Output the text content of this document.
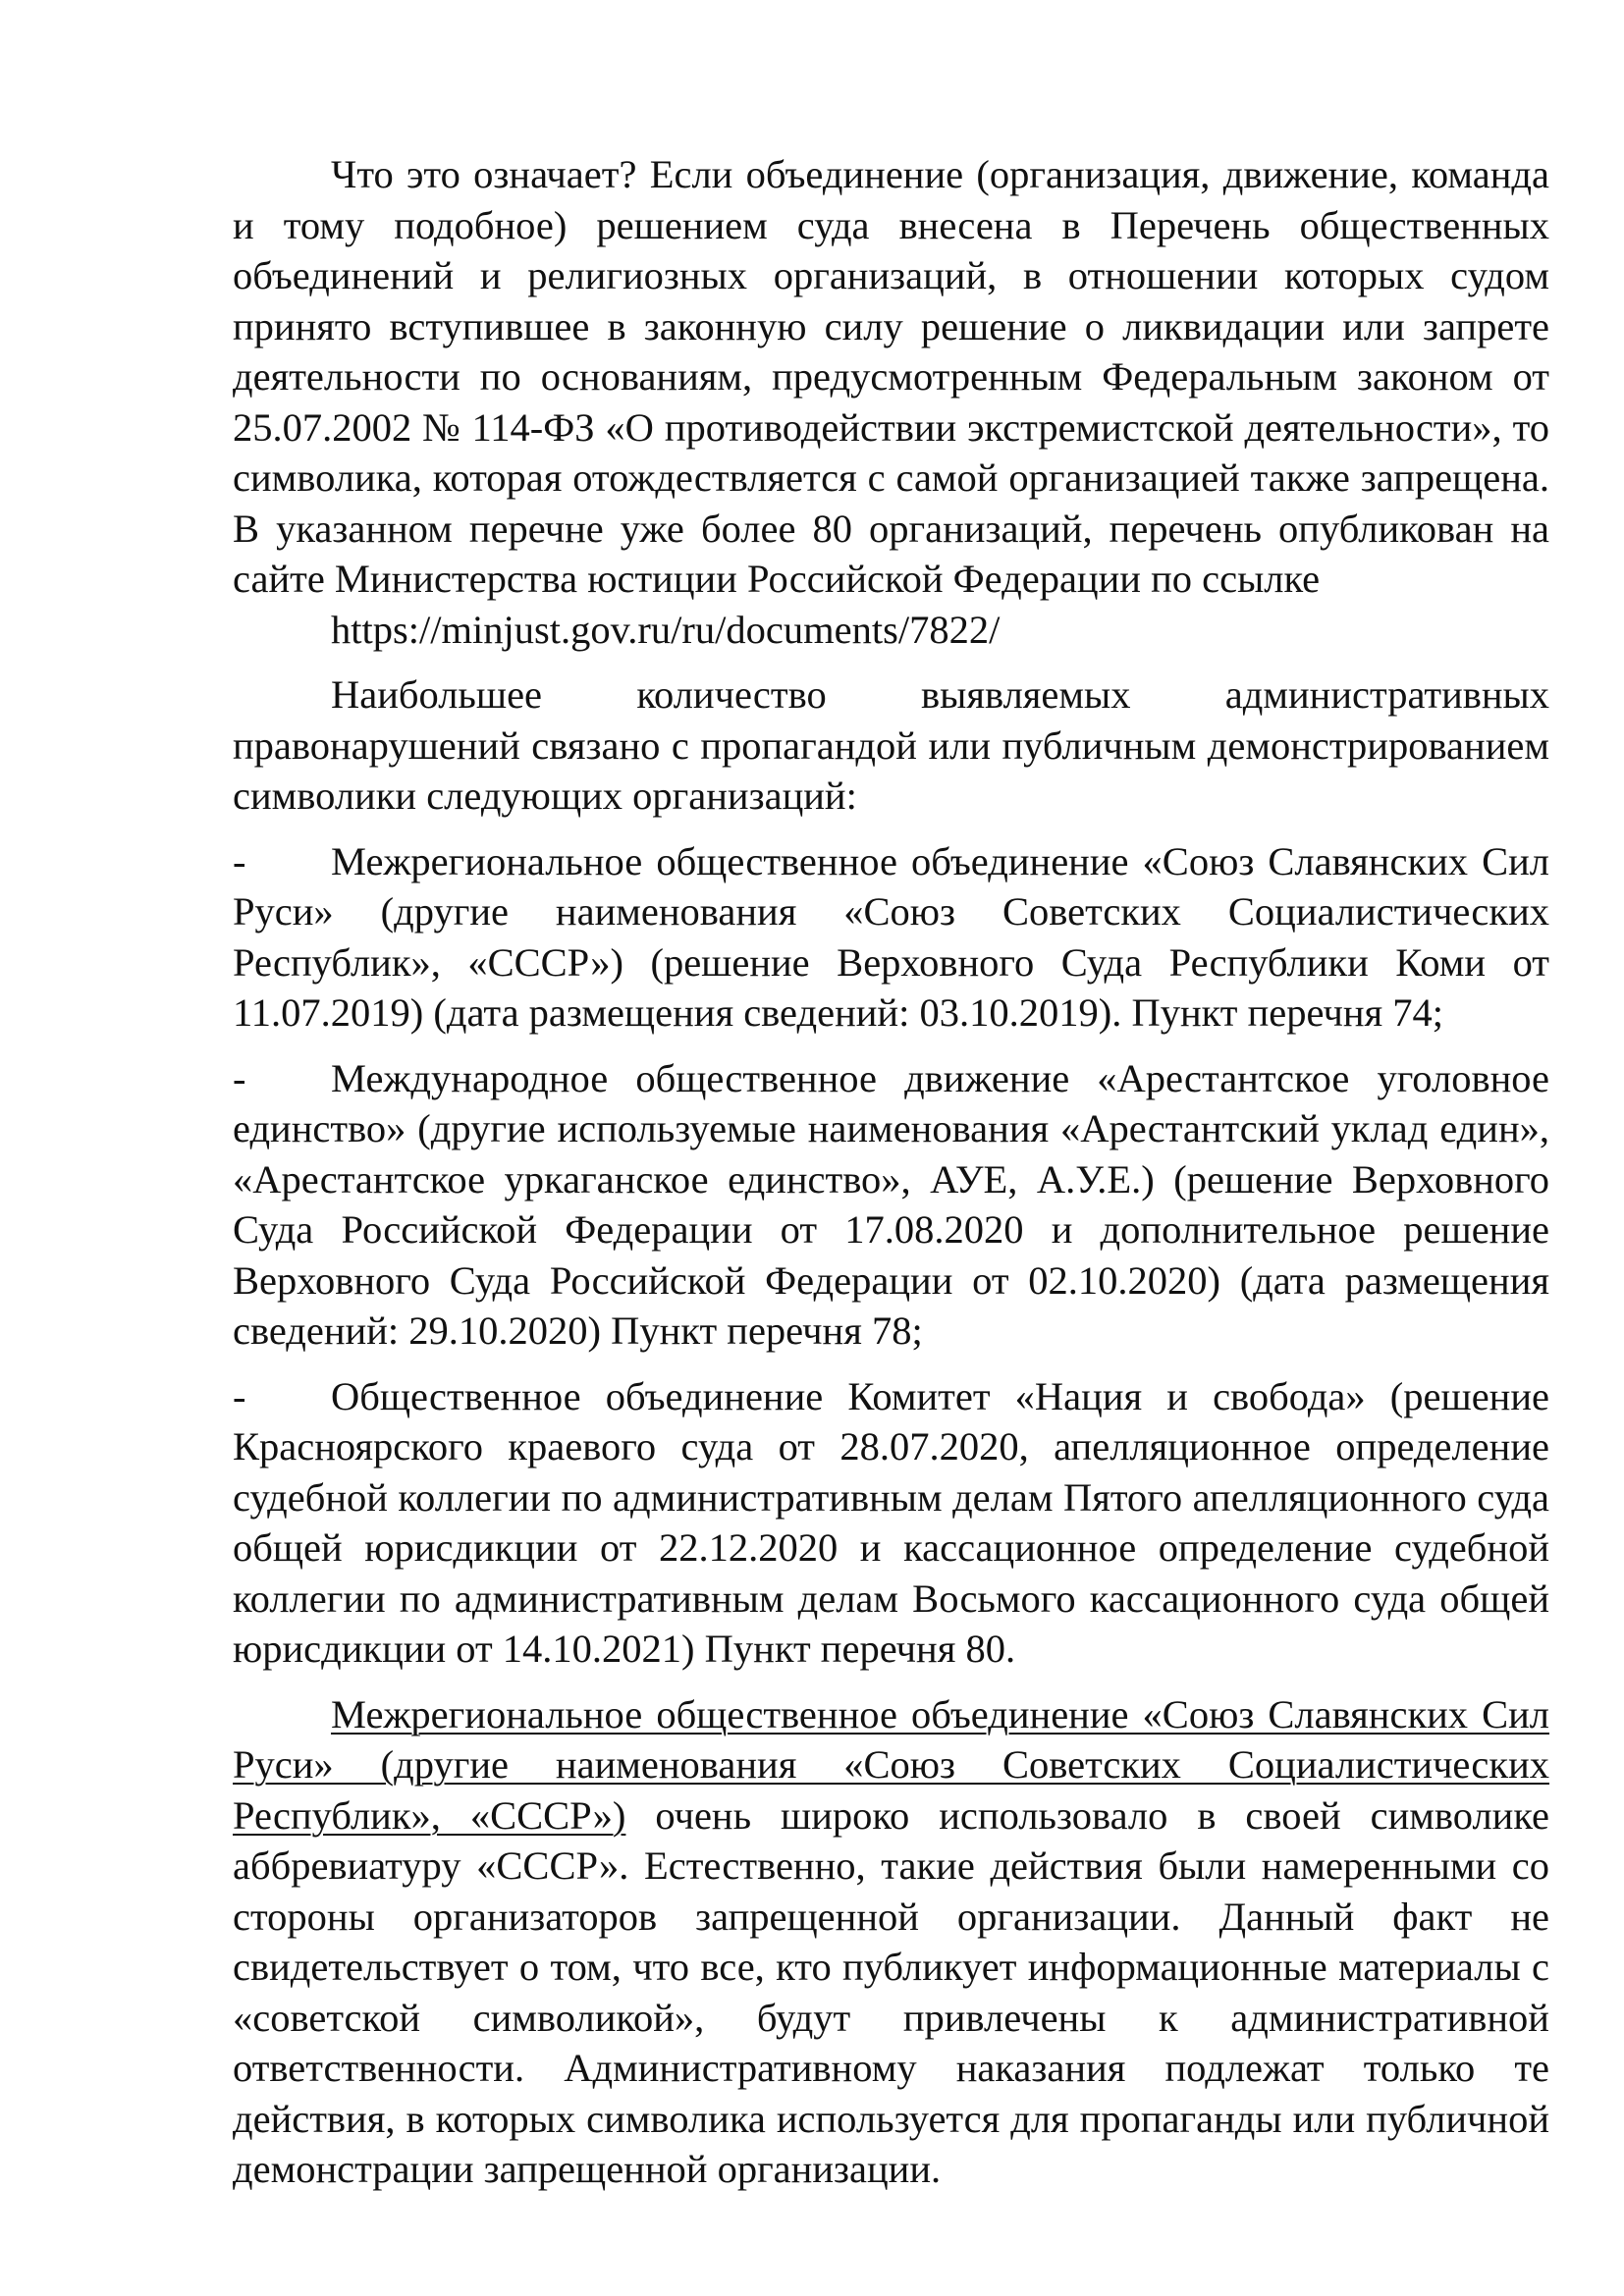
Что это означает? Если объединение (организация, движение, команда и тому подобное) решением суда внесена в Перечень общественных объединений и религиозных организаций, в отношении которых судом принято вступившее в законную силу решение о ликвидации или запрете деятельности по основаниям, предусмотренным Федеральным законом от 25.07.2002 № 114-ФЗ «О противодействии экстремистской деятельности», то символика, которая отождествляется с самой организацией также запрещена. В указанном перечне уже более 80 организаций, перечень опубликован на сайте Министерства юстиции Российской Федерации по ссылке
https://minjust.gov.ru/ru/documents/7822/

Наибольшее количество выявляемых административных правонарушений связано с пропагандой или публичным демонстрированием символики следующих организаций:

- Межрегиональное общественное объединение «Союз Славянских Сил Руси» (другие наименования «Союз Советских Социалистических Республик», «СССР») (решение Верховного Суда Республики Коми от 11.07.2019) (дата размещения сведений: 03.10.2019). Пункт перечня 74;

- Международное общественное движение «Арестантское уголовное единство» (другие используемые наименования «Арестантский уклад един», «Арестантское уркаганское единство», АУЕ, А.У.Е.) (решение Верховного Суда Российской Федерации от 17.08.2020 и дополнительное решение Верховного Суда Российской Федерации от 02.10.2020) (дата размещения сведений: 29.10.2020) Пункт перечня 78;

- Общественное объединение Комитет «Нация и свобода» (решение Красноярского краевого суда от 28.07.2020, апелляционное определение судебной коллегии по административным делам Пятого апелляционного суда общей юрисдикции от 22.12.2020 и кассационное определение судебной коллегии по административным делам Восьмого кассационного суда общей юрисдикции от 14.10.2021) Пункт перечня 80.

Межрегиональное общественное объединение «Союз Славянских Сил Руси» (другие наименования «Союз Советских Социалистических Республик», «СССР») очень широко использовало в своей символике аббревиатуру «СССР». Естественно, такие действия были намеренными со стороны организаторов запрещенной организации. Данный факт не свидетельствует о том, что все, кто публикует информационные материалы с «советской символикой», будут привлечены к административной ответственности. Административному наказания подлежат только те действия, в которых символика используется для пропаганды или публичной демонстрации запрещенной организации.
